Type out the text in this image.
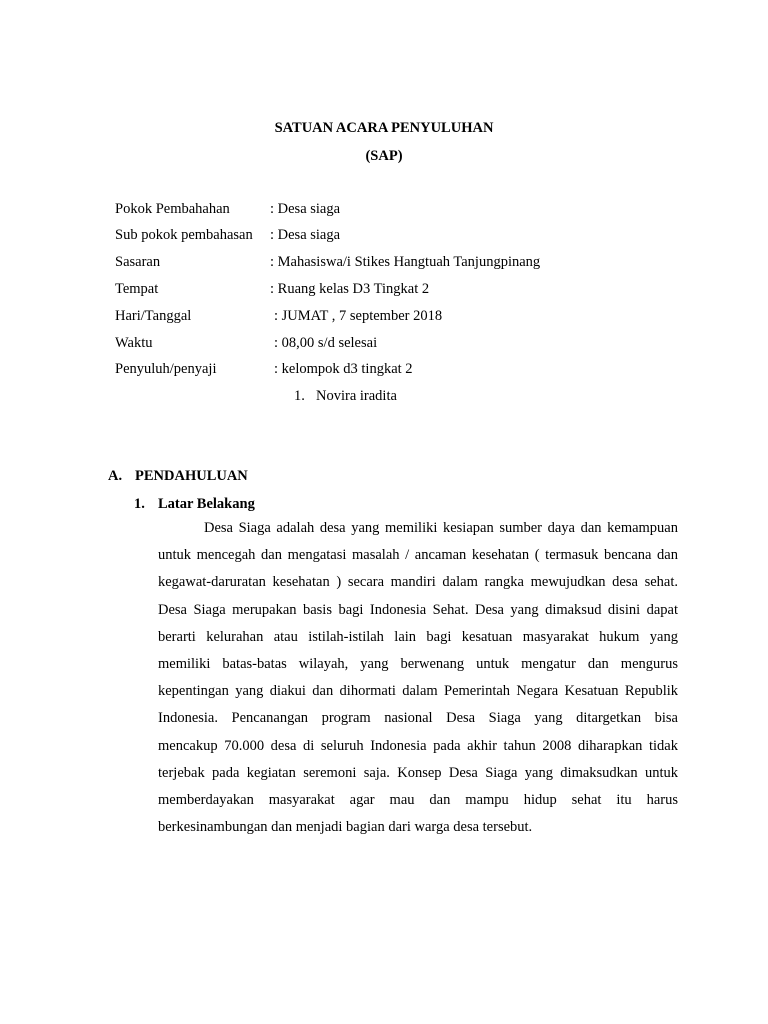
SATUAN ACARA PENYULUHAN
(SAP)
Pokok Pembahahan	: Desa siaga
Sub pokok pembahasan : Desa siaga
Sasaran	: Mahasiswa/i Stikes Hangtuah Tanjungpinang
Tempat	: Ruang kelas D3 Tingkat 2
Hari/Tanggal	: JUMAT , 7 september 2018
Waktu	: 08,00 s/d selesai
Penyuluh/penyaji	: kelompok d3 tingkat 2
1. Novira iradita
A. PENDAHULUAN
1. Latar Belakang
Desa Siaga adalah desa yang memiliki kesiapan sumber daya dan kemampuan
untuk mencegah dan mengatasi masalah / ancaman kesehatan ( termasuk bencana dan
kegawat-daruratan kesehatan ) secara mandiri dalam rangka mewujudkan desa sehat.
Desa Siaga merupakan basis bagi Indonesia Sehat. Desa yang dimaksud disini dapat
berarti kelurahan atau istilah-istilah lain bagi kesatuan masyarakat hukum yang
memiliki batas-batas wilayah, yang berwenang untuk mengatur dan mengurus
kepentingan yang diakui dan dihormati dalam Pemerintah Negara Kesatuan Republik
Indonesia. Pencanangan program nasional Desa Siaga yang ditargetkan bisa
mencakup 70.000 desa di seluruh Indonesia pada akhir tahun 2008 diharapkan tidak
terjebak pada kegiatan seremoni saja. Konsep Desa Siaga yang dimaksudkan untuk
memberdayakan masyarakat agar mau dan mampu hidup sehat itu harus
berkesinambungan dan menjadi bagian dari warga desa tersebut.
